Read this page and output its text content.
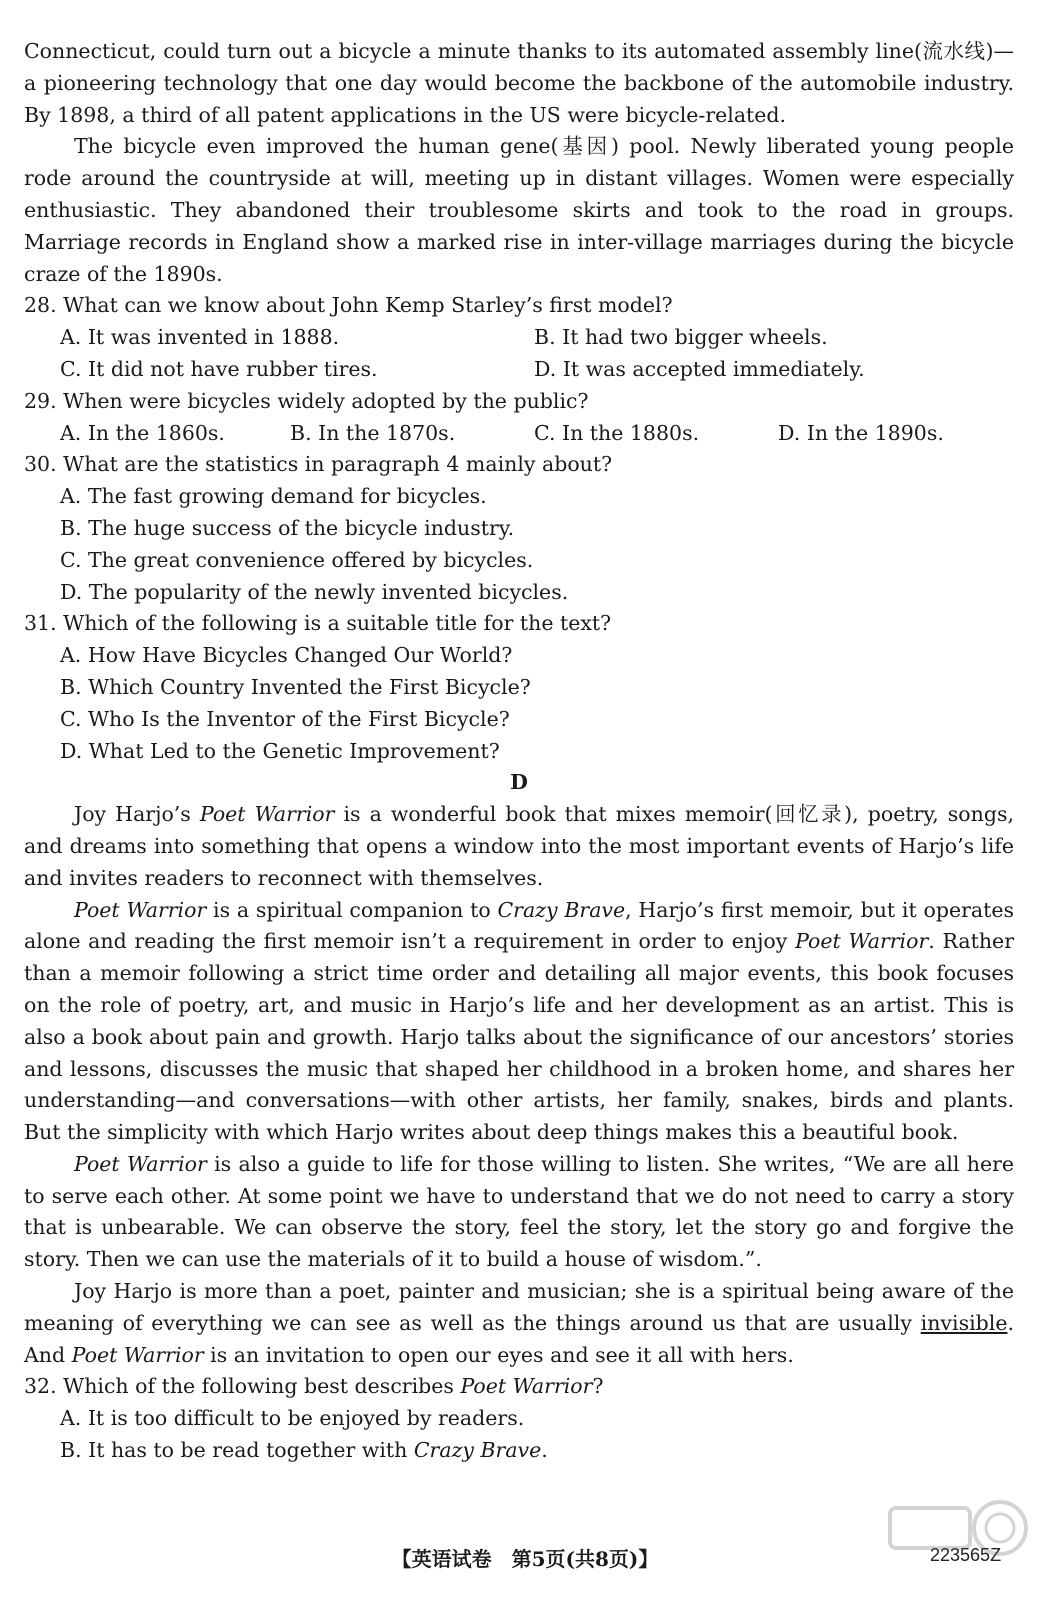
Connecticut, could turn out a bicycle a minute thanks to its automated assembly line(流水线)—a pioneering technology that one day would become the backbone of the automobile industry. By 1898, a third of all patent applications in the US were bicycle-related.

The bicycle even improved the human gene(基因) pool. Newly liberated young people rode around the countryside at will, meeting up in distant villages. Women were especially enthusiastic. They abandoned their troublesome skirts and took to the road in groups. Marriage records in England show a marked rise in inter-village marriages during the bicycle craze of the 1890s.

28. What can we know about John Kemp Starley’s first model?

A. It was invented in 1888.	B. It had two bigger wheels.
C. It did not have rubber tires.	D. It was accepted immediately.

29. When were bicycles widely adopted by the public?

A. In the 1860s.	B. In the 1870s.	C. In the 1880s.	D. In the 1890s.

30. What are the statistics in paragraph 4 mainly about?

A. The fast growing demand for bicycles.

B. The huge success of the bicycle industry.

C. The great convenience offered by bicycles.

D. The popularity of the newly invented bicycles.

31. Which of the following is a suitable title for the text?

A. How Have Bicycles Changed Our World?

B. Which Country Invented the First Bicycle?

C. Who Is the Inventor of the First Bicycle?

D. What Led to the Genetic Improvement?

D

Joy Harjo’s Poet Warrior is a wonderful book that mixes memoir(回忆录), poetry, songs, and dreams into something that opens a window into the most important events of Harjo’s life and invites readers to reconnect with themselves.

Poet Warrior is a spiritual companion to Crazy Brave, Harjo’s first memoir, but it operates alone and reading the first memoir isn’t a requirement in order to enjoy Poet Warrior. Rather than a memoir following a strict time order and detailing all major events, this book focuses on the role of poetry, art, and music in Harjo’s life and her development as an artist. This is also a book about pain and growth. Harjo talks about the significance of our ancestors’ stories and lessons, discusses the music that shaped her childhood in a broken home, and shares her understanding—and conversations—with other artists, her family, snakes, birds and plants. But the simplicity with which Harjo writes about deep things makes this a beautiful book.

Poet Warrior is also a guide to life for those willing to listen. She writes, “We are all here to serve each other. At some point we have to understand that we do not need to carry a story that is unbearable. We can observe the story, feel the story, let the story go and forgive the story. Then we can use the materials of it to build a house of wisdom.”.

Joy Harjo is more than a poet, painter and musician; she is a spiritual being aware of the meaning of everything we can see as well as the things around us that are usually invisible. And Poet Warrior is an invitation to open our eyes and see it all with hers.

32. Which of the following best describes Poet Warrior?

A. It is too difficult to be enjoyed by readers.

B. It has to be read together with Crazy Brave.

【英语试卷　第5页(共8页)】	223565Z
